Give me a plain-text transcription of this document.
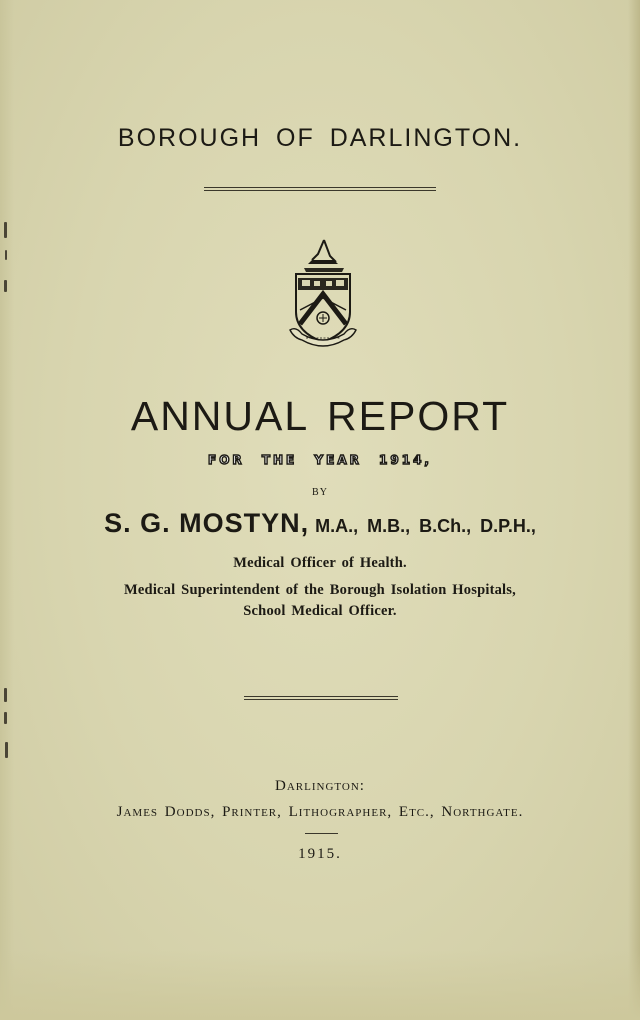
BOROUGH OF DARLINGTON.
ANNUAL REPORT
FOR THE YEAR 1914,
BY
S. G. MOSTYN, M.A., M.B., B.Ch., D.P.H.,
Medical Officer of Health.
Medical Superintendent of the Borough Isolation Hospitals,
School Medical Officer.
Darlington:
James Dodds, Printer, Lithographer, Etc., Northgate.
1915.
